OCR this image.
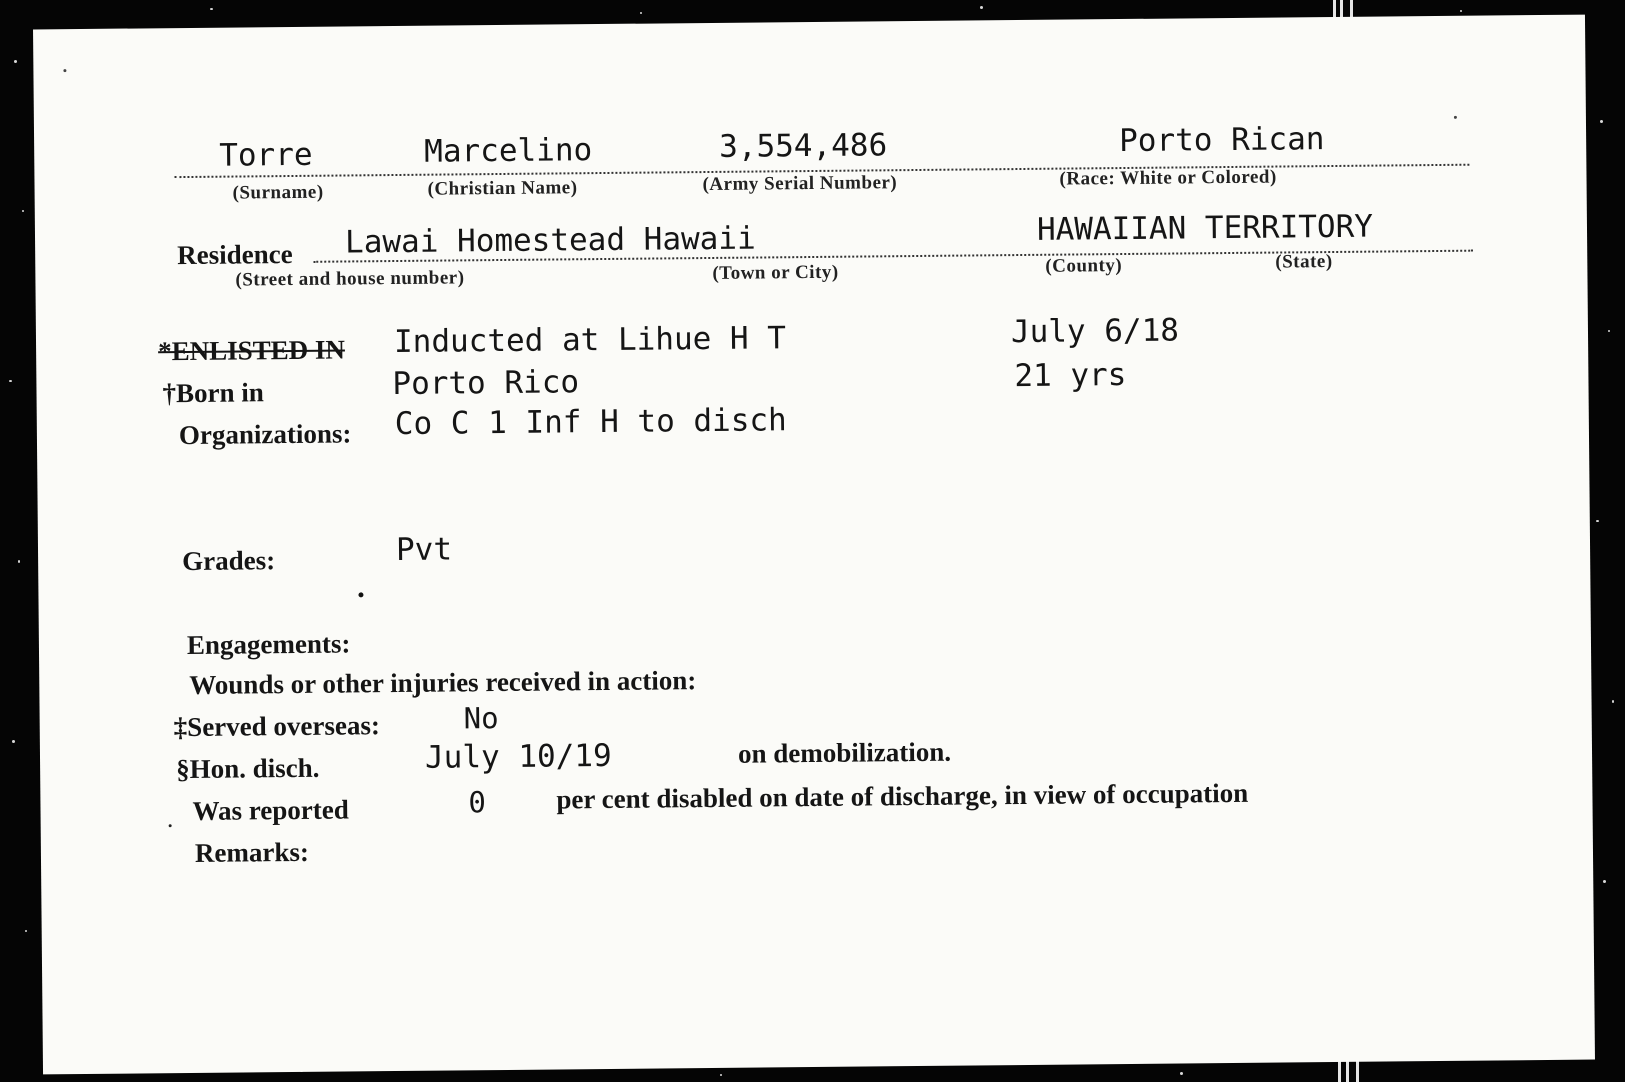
Torre	Marcelino	3,554,486	Porto Rican
(Surname)	(Christian Name)	(Army Serial Number)	(Race: White or Colored)
Residence Lawai Homestead Hawaii	HAWAIIAN TERRITORY
(Street and house number)	(Town or City)	(County)	(State)
*ENLISTED IN Inducted at Lihue H T	July 6/18
†Born in	Porto Rico	21 yrs
Organizations: Co C 1 Inf H to disch
Grades:	Pvt
Engagements:
Wounds or other injuries received in action:
‡Served overseas:	No
§Hon. disch.	July 10/19	on demobilization.
Was reported	0	per cent disabled on date of discharge, in view of occupation
Remarks:
